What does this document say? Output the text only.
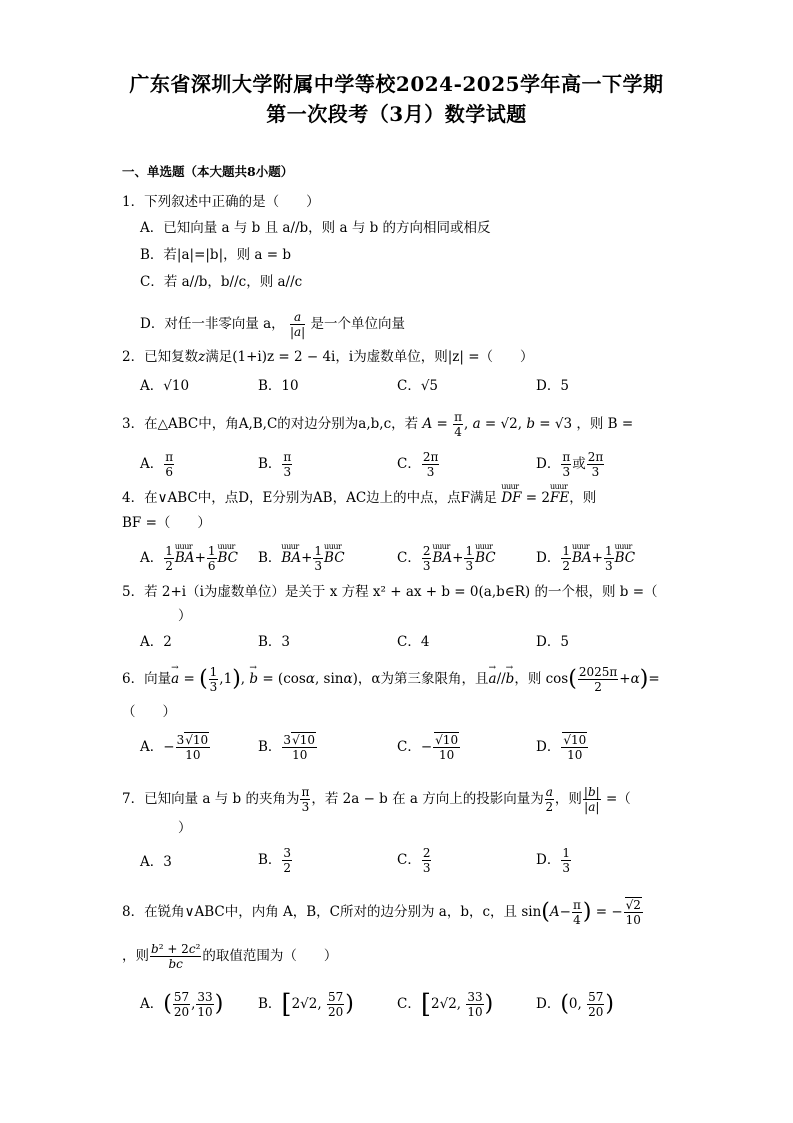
广东省深圳大学附属中学等校2024-2025学年高一下学期
第一次段考（3月）数学试题
一、单选题（本大题共8小题）
1．下列叙述中正确的是（　　）
A．已知向量 a 与 b 且 a//b，则 a 与 b 的方向相同或相反
B．若|a|=|b|，则 a = b
C．若 a//b，b//c，则 a//c
D．对任一非零向量 a， $\frac{a}{|a|}$ 是一个单位向量
2．已知复数z满足(1+i)z = 2 − 4i，i为虚数单位，则|z| =（　　）
A．√10	B．10	C．√5	D．5
3．在△ABC中，角A,B,C的对边分别为a,b,c，若 $A = \frac{\pi}{4}$ , a = √2, b = √3 ，则 B =
A． $\frac{\pi}{6}$	B． $\frac{\pi}{3}$	C． $\frac{2\pi}{3}$	D． $\frac{\pi}{3}$ 或 $\frac{2\pi}{3}$
4．在∨ABC中，点D，E分别为AB，AC边上的中点，点F满足 uuur DF = 2uuur FE，则
BF =（　　）
A． $\frac{1}{2}$ uuur $BA+ \frac{1}{6}$ uuur BC B．uuur $BA+ \frac{1}{3}$ uuur BC	C． $\frac{2}{3}$ uuur $BA+ \frac{1}{3}$ uuur BC	D． $\frac{1}{2}$ uuur $BA+ \frac{1}{3}$ uuur BC
5．若 2+i（i为虚数单位）是关于 x 方程 x² + ax + b = 0(a,b∈R) 的一个根，则 b =（
）
A．2	B．3	C．4	D．5
6．向量→ a = ( $\frac{1}{3} ,1$), → b = (cosα, sinα)，α为第三象限角，且→ a//→ b，则 $\cos( \frac{2025\pi}{2} +\alpha)=$
（　　）
A．− $\frac{3√10}{10}$	B． $\frac{3√10}{10}$	C．− $\frac{√10}{10}$	D． $\frac{√10}{10}$
7．已知向量 a 与 b 的夹角为 $\frac{\pi}{3}$ ，若 2a − b 在 a 方向上的投影向量为 $\frac{a}{2}$ ，则 $\frac{|b|}{|a|}$ =（
）
A．3	B． $\frac{3}{2}$	C． $\frac{2}{3}$	D． $\frac{1}{3}$
8．在锐角∨ABC中，内角 A，B，C所对的边分别为 a，b，c，且 $\sin(A- \frac{\pi}{4}$ ) = − $\frac{√2}{10}$
，则 $\frac{\text{b² + 2c²}}{bc}$ 的取值范围为（　　）
A．( $\frac{57}{20}$ , $\frac{33}{10}$ )	B．[2√2, $\frac{57}{20}$ )	C．[2√2, $\frac{33}{10}$ )	D．(0, $\frac{57}{20}$ )
